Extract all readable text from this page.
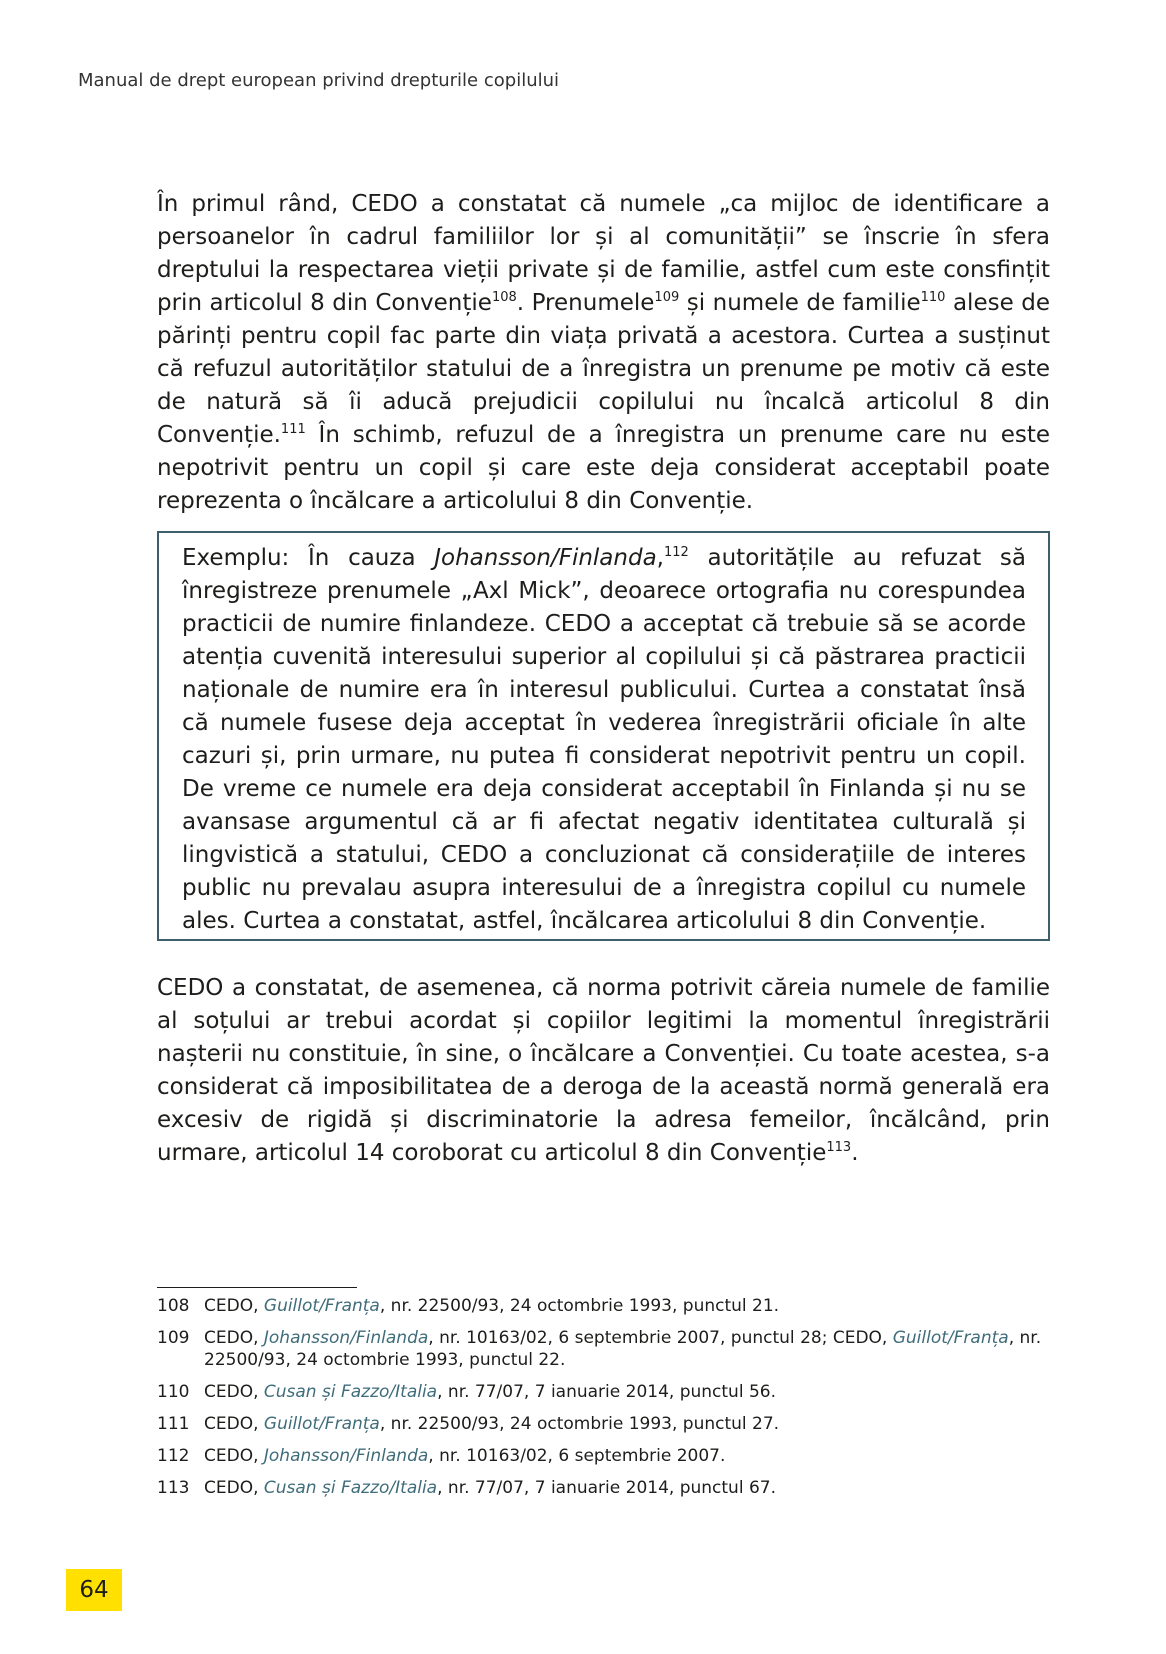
Manual de drept european privind drepturile copilului

În primul rând, CEDO a constatat că numele „ca mijloc de identificare a persoanelor în cadrul familiilor lor și al comunității” se înscrie în sfera dreptului la respectarea vieții private și de familie, astfel cum este consfințit prin articolul 8 din Convenție$^{108}$. Prenumele$^{109}$ și numele de familie$^{110}$ alese de părinți pentru copil fac parte din viața privată a acestora. Curtea a susținut că refuzul autorităților statului de a înregistra un prenume pe motiv că este de natură să îi aducă prejudicii copilului nu încalcă articolul 8 din Convenție.$^{111}$ În schimb, refuzul de a înregistra un prenume care nu este nepotrivit pentru un copil și care este deja considerat acceptabil poate reprezenta o încălcare a articolului 8 din Convenție.

Exemplu: În cauza Johansson/Finlanda,$^{112}$ autoritățile au refuzat să înregistreze prenumele „Axl Mick”, deoarece ortografia nu corespundea practicii de numire finlandeze. CEDO a acceptat că trebuie să se acorde atenția cuvenită interesului superior al copilului și că păstrarea practicii naționale de numire era în interesul publicului. Curtea a constatat însă că numele fusese deja acceptat în vederea înregistrării oficiale în alte cazuri și, prin urmare, nu putea fi considerat nepotrivit pentru un copil. De vreme ce numele era deja considerat acceptabil în Finlanda și nu se avansase argumentul că ar fi afectat negativ identitatea culturală și lingvistică a statului, CEDO a concluzionat că considerațiile de interes public nu prevalau asupra interesului de a înregistra copilul cu numele ales. Curtea a constatat, astfel, încălcarea articolului 8 din Convenție.

CEDO a constatat, de asemenea, că norma potrivit căreia numele de familie al soțului ar trebui acordat și copiilor legitimi la momentul înregistrării nașterii nu constituie, în sine, o încălcare a Convenției. Cu toate acestea, s-a considerat că imposibilitatea de a deroga de la această normă generală era excesiv de rigidă și discriminatorie la adresa femeilor, încălcând, prin urmare, articolul 14 coroborat cu articolul 8 din Convenție$^{113}$.

108 CEDO, Guillot/Franța, nr. 22500/93, 24 octombrie 1993, punctul 21.
109 CEDO, Johansson/Finlanda, nr. 10163/02, 6 septembrie 2007, punctul 28; CEDO, Guillot/Franța, nr. 22500/93, 24 octombrie 1993, punctul 22.
110 CEDO, Cusan și Fazzo/Italia, nr. 77/07, 7 ianuarie 2014, punctul 56.
111 CEDO, Guillot/Franța, nr. 22500/93, 24 octombrie 1993, punctul 27.
112 CEDO, Johansson/Finlanda, nr. 10163/02, 6 septembrie 2007.
113 CEDO, Cusan și Fazzo/Italia, nr. 77/07, 7 ianuarie 2014, punctul 67.
64
